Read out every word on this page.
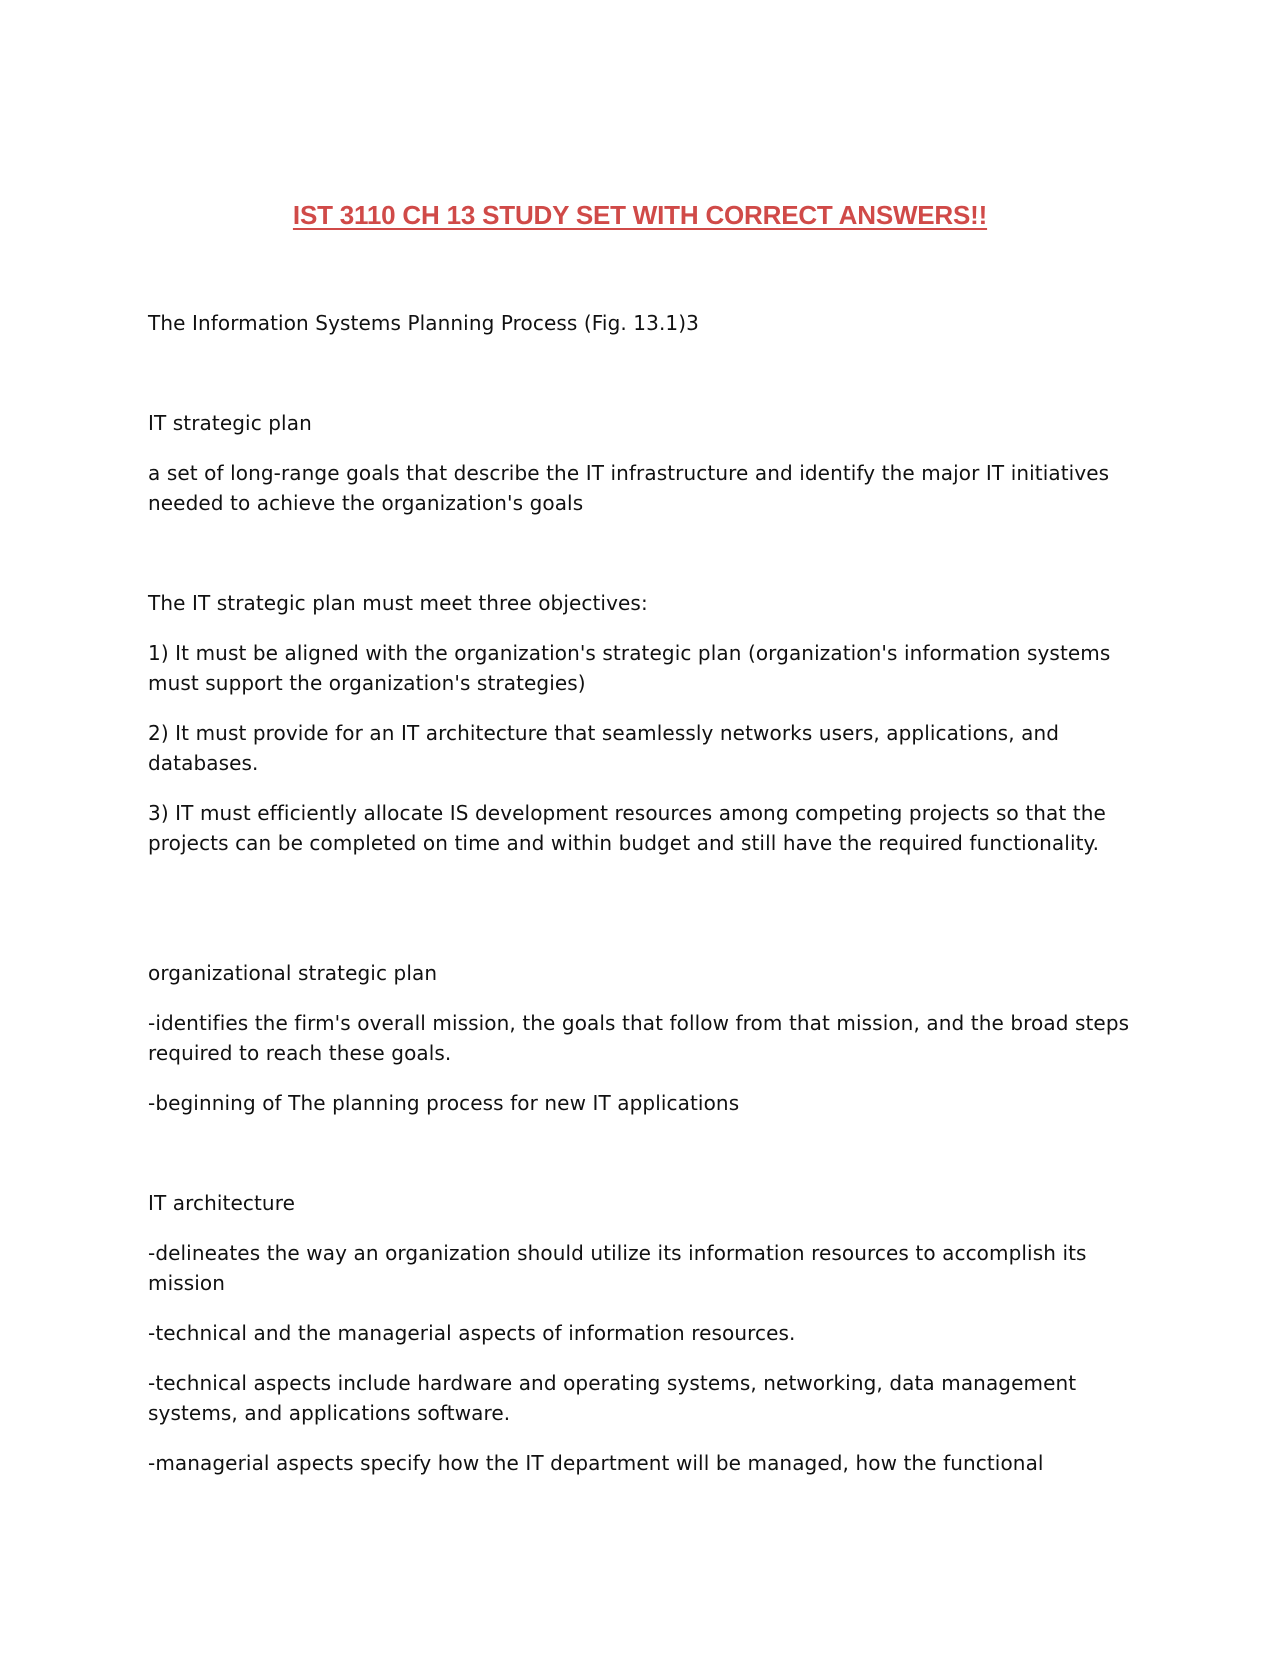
IST 3110 CH 13 STUDY SET WITH CORRECT ANSWERS!!
The Information Systems Planning Process (Fig. 13.1)3
IT strategic plan
a set of long-range goals that describe the IT infrastructure and identify the major IT initiatives needed to achieve the organization's goals
The IT strategic plan must meet three objectives:
1) It must be aligned with the organization's strategic plan (organization's information systems must support the organization's strategies)
2) It must provide for an IT architecture that seamlessly networks users, applications, and databases.
3) IT must efficiently allocate IS development resources among competing projects so that the projects can be completed on time and within budget and still have the required functionality.
organizational strategic plan
-identifies the firm's overall mission, the goals that follow from that mission, and the broad steps required to reach these goals.
-beginning of The planning process for new IT applications
IT architecture
-delineates the way an organization should utilize its information resources to accomplish its mission
-technical and the managerial aspects of information resources.
-technical aspects include hardware and operating systems, networking, data management systems, and applications software.
-managerial aspects specify how the IT department will be managed, how the functional
